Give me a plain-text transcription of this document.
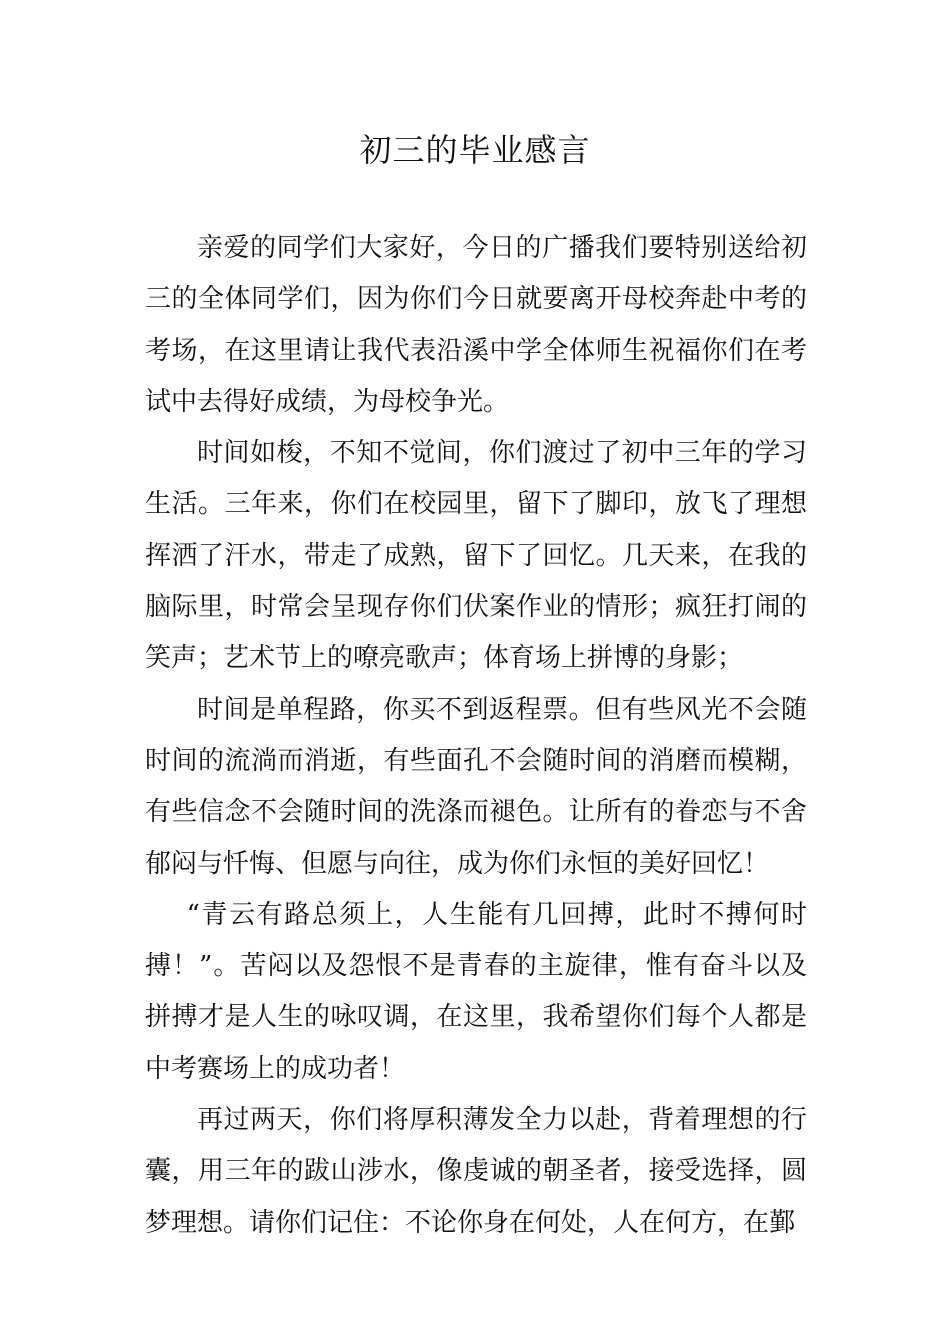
初三的毕业感言

亲爱的同学们大家好，今日的广播我们要特别送给初三的全体同学们，因为你们今日就要离开母校奔赴中考的考场，在这里请让我代表沿溪中学全体师生祝福你们在考试中去得好成绩，为母校争光。

时间如梭，不知不觉间，你们渡过了初中三年的学习生活。三年来，你们在校园里，留下了脚印，放飞了理想挥洒了汗水，带走了成熟，留下了回忆。几天来，在我的脑际里，时常会呈现存你们伏案作业的情形；疯狂打闹的笑声；艺术节上的嘹亮歌声；体育场上拼博的身影；

时间是单程路，你买不到返程票。但有些风光不会随时间的流淌而消逝，有些面孔不会随时间的消磨而模糊，有些信念不会随时间的洗涤而褪色。让所有的眷恋与不舍郁闷与忏悔、但愿与向往，成为你们永恒的美好回忆！

“青云有路总须上，人生能有几回搏，此时不搏何时搏！”。苦闷以及怨恨不是青春的主旋律，惟有奋斗以及拼搏才是人生的咏叹调，在这里，我希望你们每个人都是中考赛场上的成功者！

再过两天，你们将厚积薄发全力以赴，背着理想的行囊，用三年的跋山涉水，像虔诚的朝圣者，接受选择，圆梦理想。请你们记住：不论你身在何处，人在何方，在鄞
